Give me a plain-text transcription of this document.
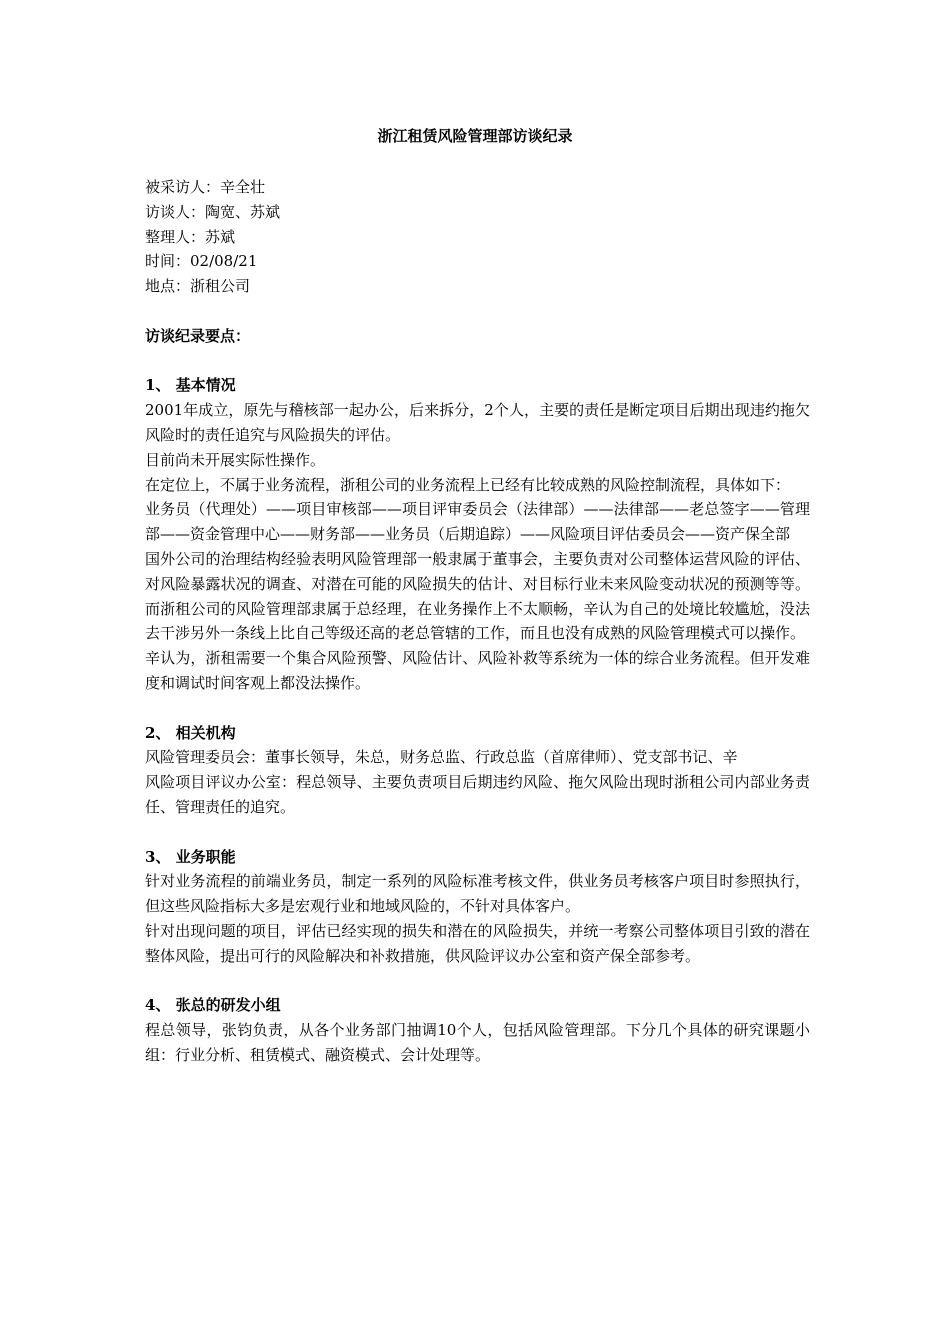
浙江租赁风险管理部访谈纪录

被采访人：辛全壮

访谈人：陶宽、苏斌

整理人：苏斌

时间：02/08/21

地点：浙租公司

访谈纪录要点：

1、 基本情况

2001年成立，原先与稽核部一起办公，后来拆分，2个人，主要的责任是断定项目后期出现违约拖欠风险时的责任追究与风险损失的评估。

目前尚未开展实际性操作。

在定位上，不属于业务流程，浙租公司的业务流程上已经有比较成熟的风险控制流程，具体如下：

业务员（代理处）——项目审核部——项目评审委员会（法律部）——法律部——老总签字——管理部——资金管理中心——财务部——业务员（后期追踪）——风险项目评估委员会——资产保全部

国外公司的治理结构经验表明风险管理部一般隶属于董事会，主要负责对公司整体运营风险的评估、对风险暴露状况的调查、对潜在可能的风险损失的估计、对目标行业未来风险变动状况的预测等等。而浙租公司的风险管理部隶属于总经理，在业务操作上不太顺畅，辛认为自己的处境比较尴尬，没法去干涉另外一条线上比自己等级还高的老总管辖的工作，而且也没有成熟的风险管理模式可以操作。

辛认为，浙租需要一个集合风险预警、风险估计、风险补救等系统为一体的综合业务流程。但开发难度和调试时间客观上都没法操作。

2、 相关机构

风险管理委员会：董事长领导，朱总，财务总监、行政总监（首席律师）、党支部书记、辛

风险项目评议办公室：程总领导、主要负责项目后期违约风险、拖欠风险出现时浙租公司内部业务责任、管理责任的追究。

3、 业务职能

针对业务流程的前端业务员，制定一系列的风险标准考核文件，供业务员考核客户项目时参照执行，但这些风险指标大多是宏观行业和地域风险的，不针对具体客户。

针对出现问题的项目，评估已经实现的损失和潜在的风险损失，并统一考察公司整体项目引致的潜在整体风险，提出可行的风险解决和补救措施，供风险评议办公室和资产保全部参考。

4、 张总的研发小组

程总领导，张钧负责，从各个业务部门抽调10个人，包括风险管理部。下分几个具体的研究课题小组：行业分析、租赁模式、融资模式、会计处理等。
